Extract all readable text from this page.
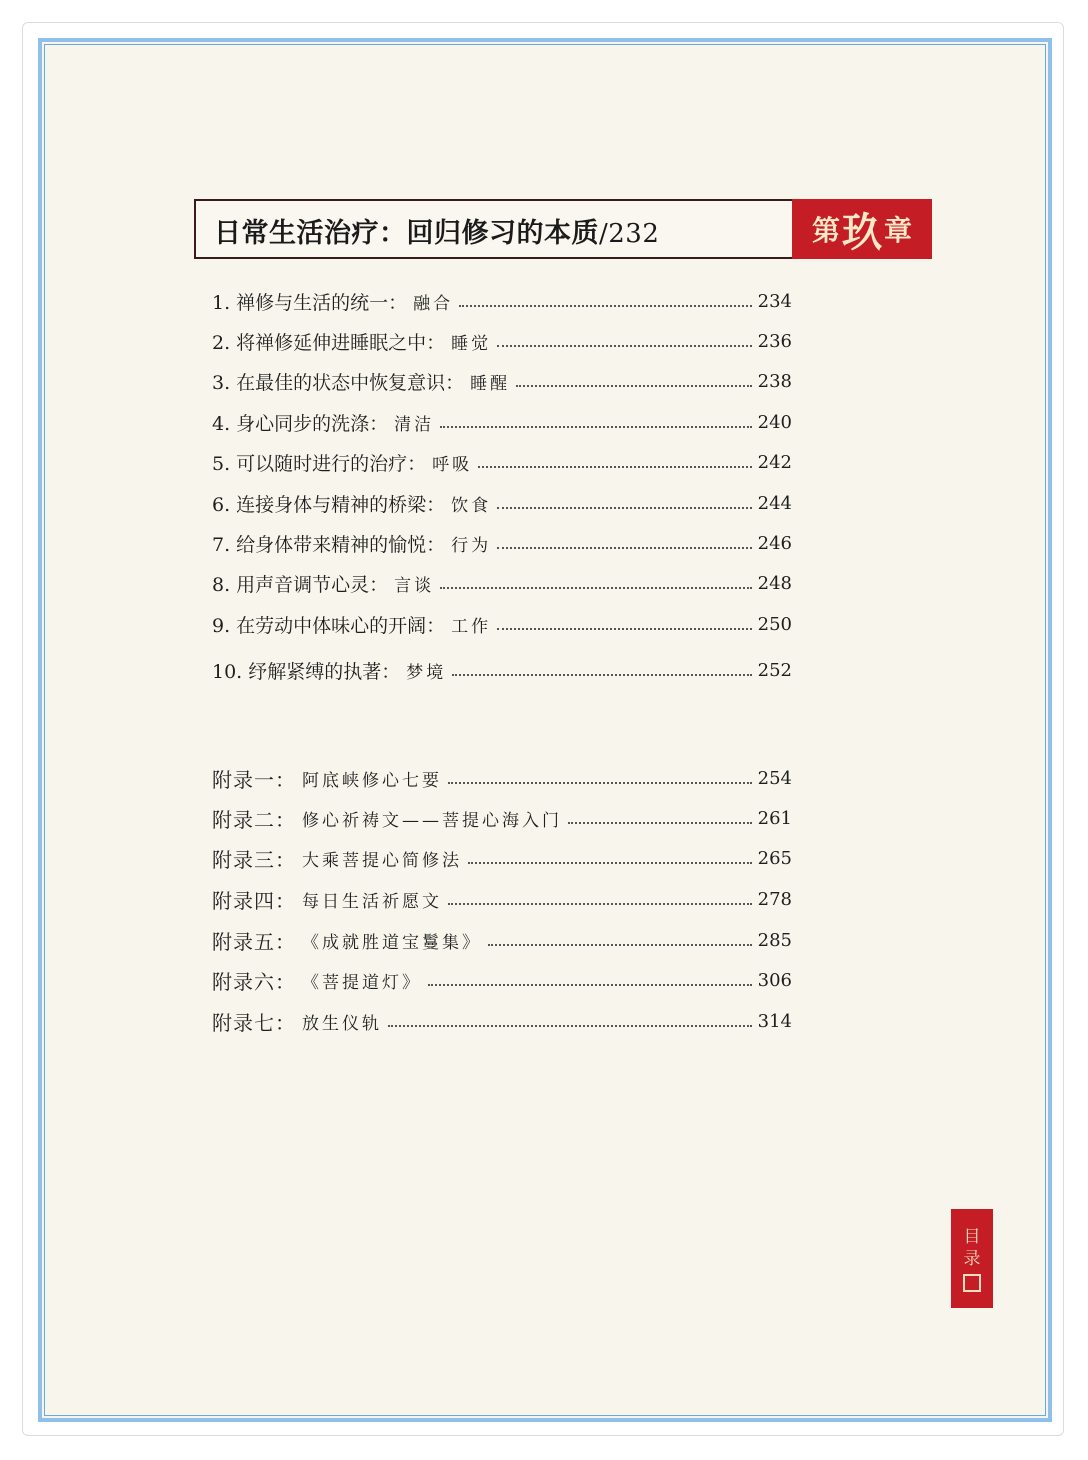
日常生活治疗：回归修习的本质/232	第 玖 章
1. 禅修与生活的统一： 融合	234
2. 将禅修延伸进睡眠之中： 睡觉	236
3. 在最佳的状态中恢复意识： 睡醒	238
4. 身心同步的洗涤： 清洁	240
5. 可以随时进行的治疗： 呼吸	242
6. 连接身体与精神的桥梁： 饮食	244
7. 给身体带来精神的愉悦： 行为	246
8. 用声音调节心灵： 言谈	248
9. 在劳动中体味心的开阔： 工作	250
10. 纾解紧缚的执著： 梦境	252
附录一： 阿底峡修心七要	254
附录二： 修心祈祷文——菩提心海入门	261
附录三： 大乘菩提心简修法	265
附录四： 每日生活祈愿文	278
附录五： 《成就胜道宝鬘集》	285
附录六： 《菩提道灯》	306
附录七： 放生仪轨	314
目
录
